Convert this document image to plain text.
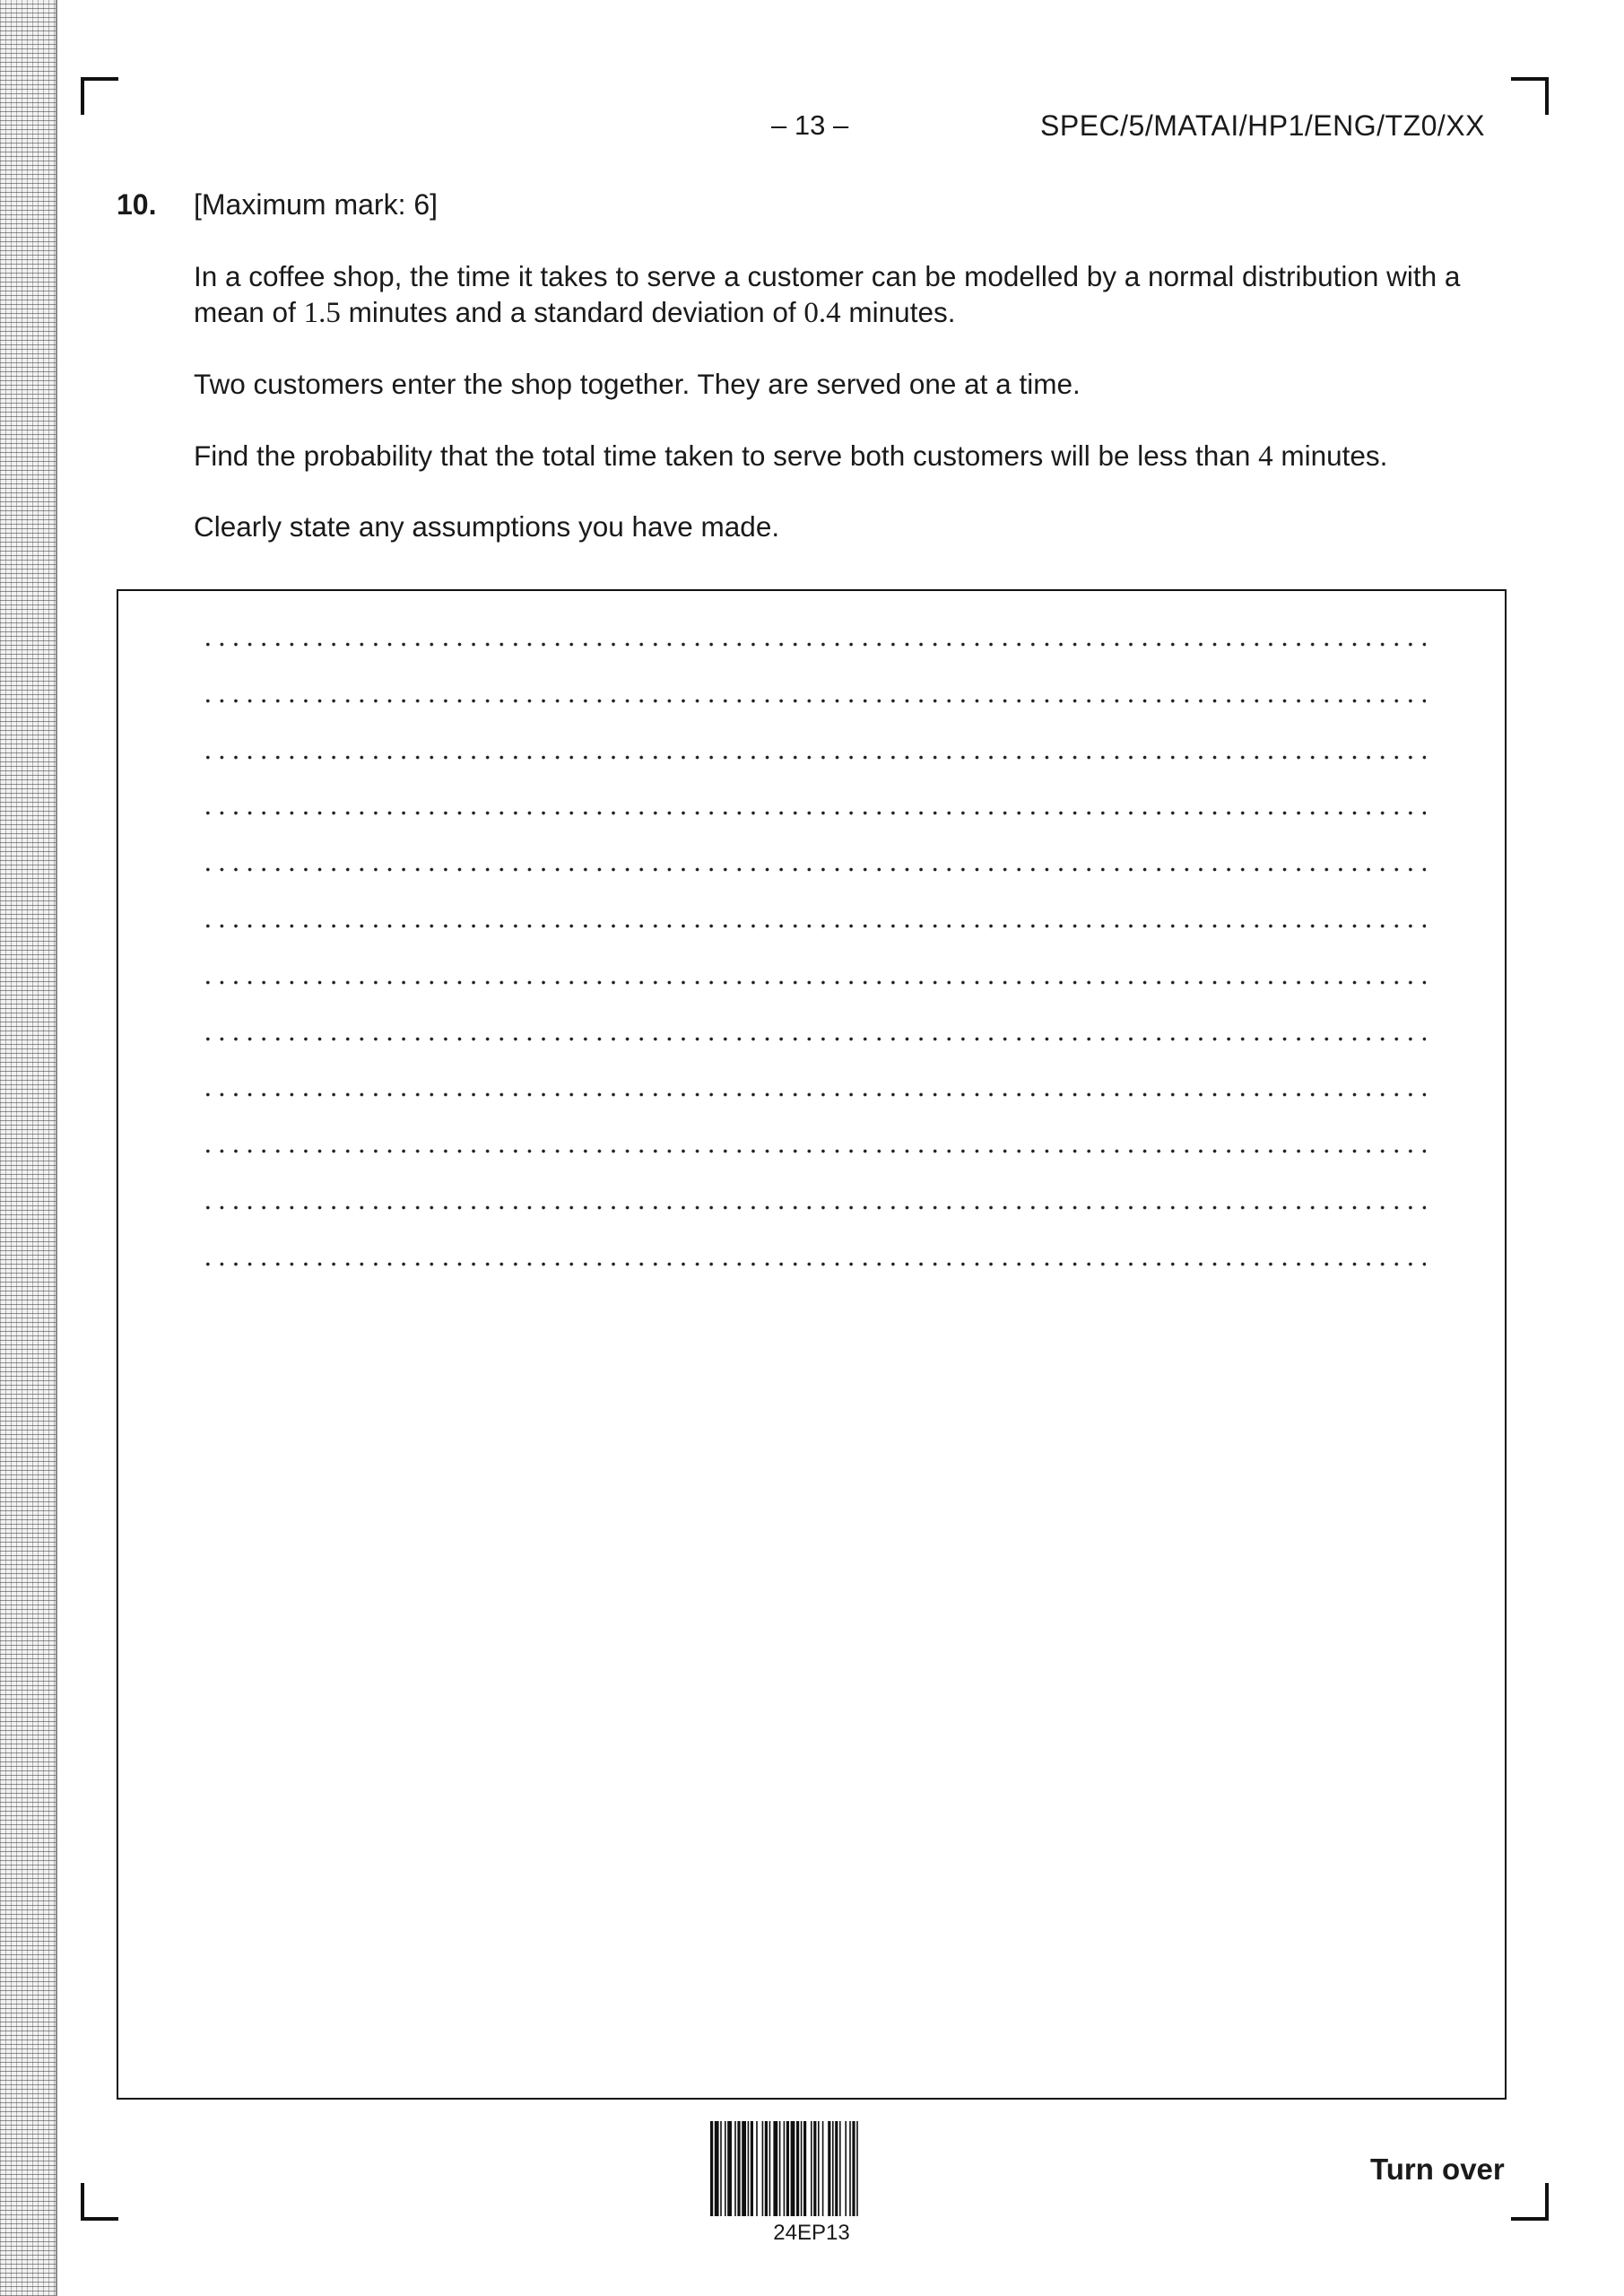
– 13 –	SPEC/5/MATAI/HP1/ENG/TZ0/XX
10. [Maximum mark: 6]

In a coffee shop, the time it takes to serve a customer can be modelled by a normal distribution with a mean of 1.5 minutes and a standard deviation of 0.4 minutes.

Two customers enter the shop together. They are served one at a time.

Find the probability that the total time taken to serve both customers will be less than 4 minutes.

Clearly state any assumptions you have made.

24EP13
Turn over
